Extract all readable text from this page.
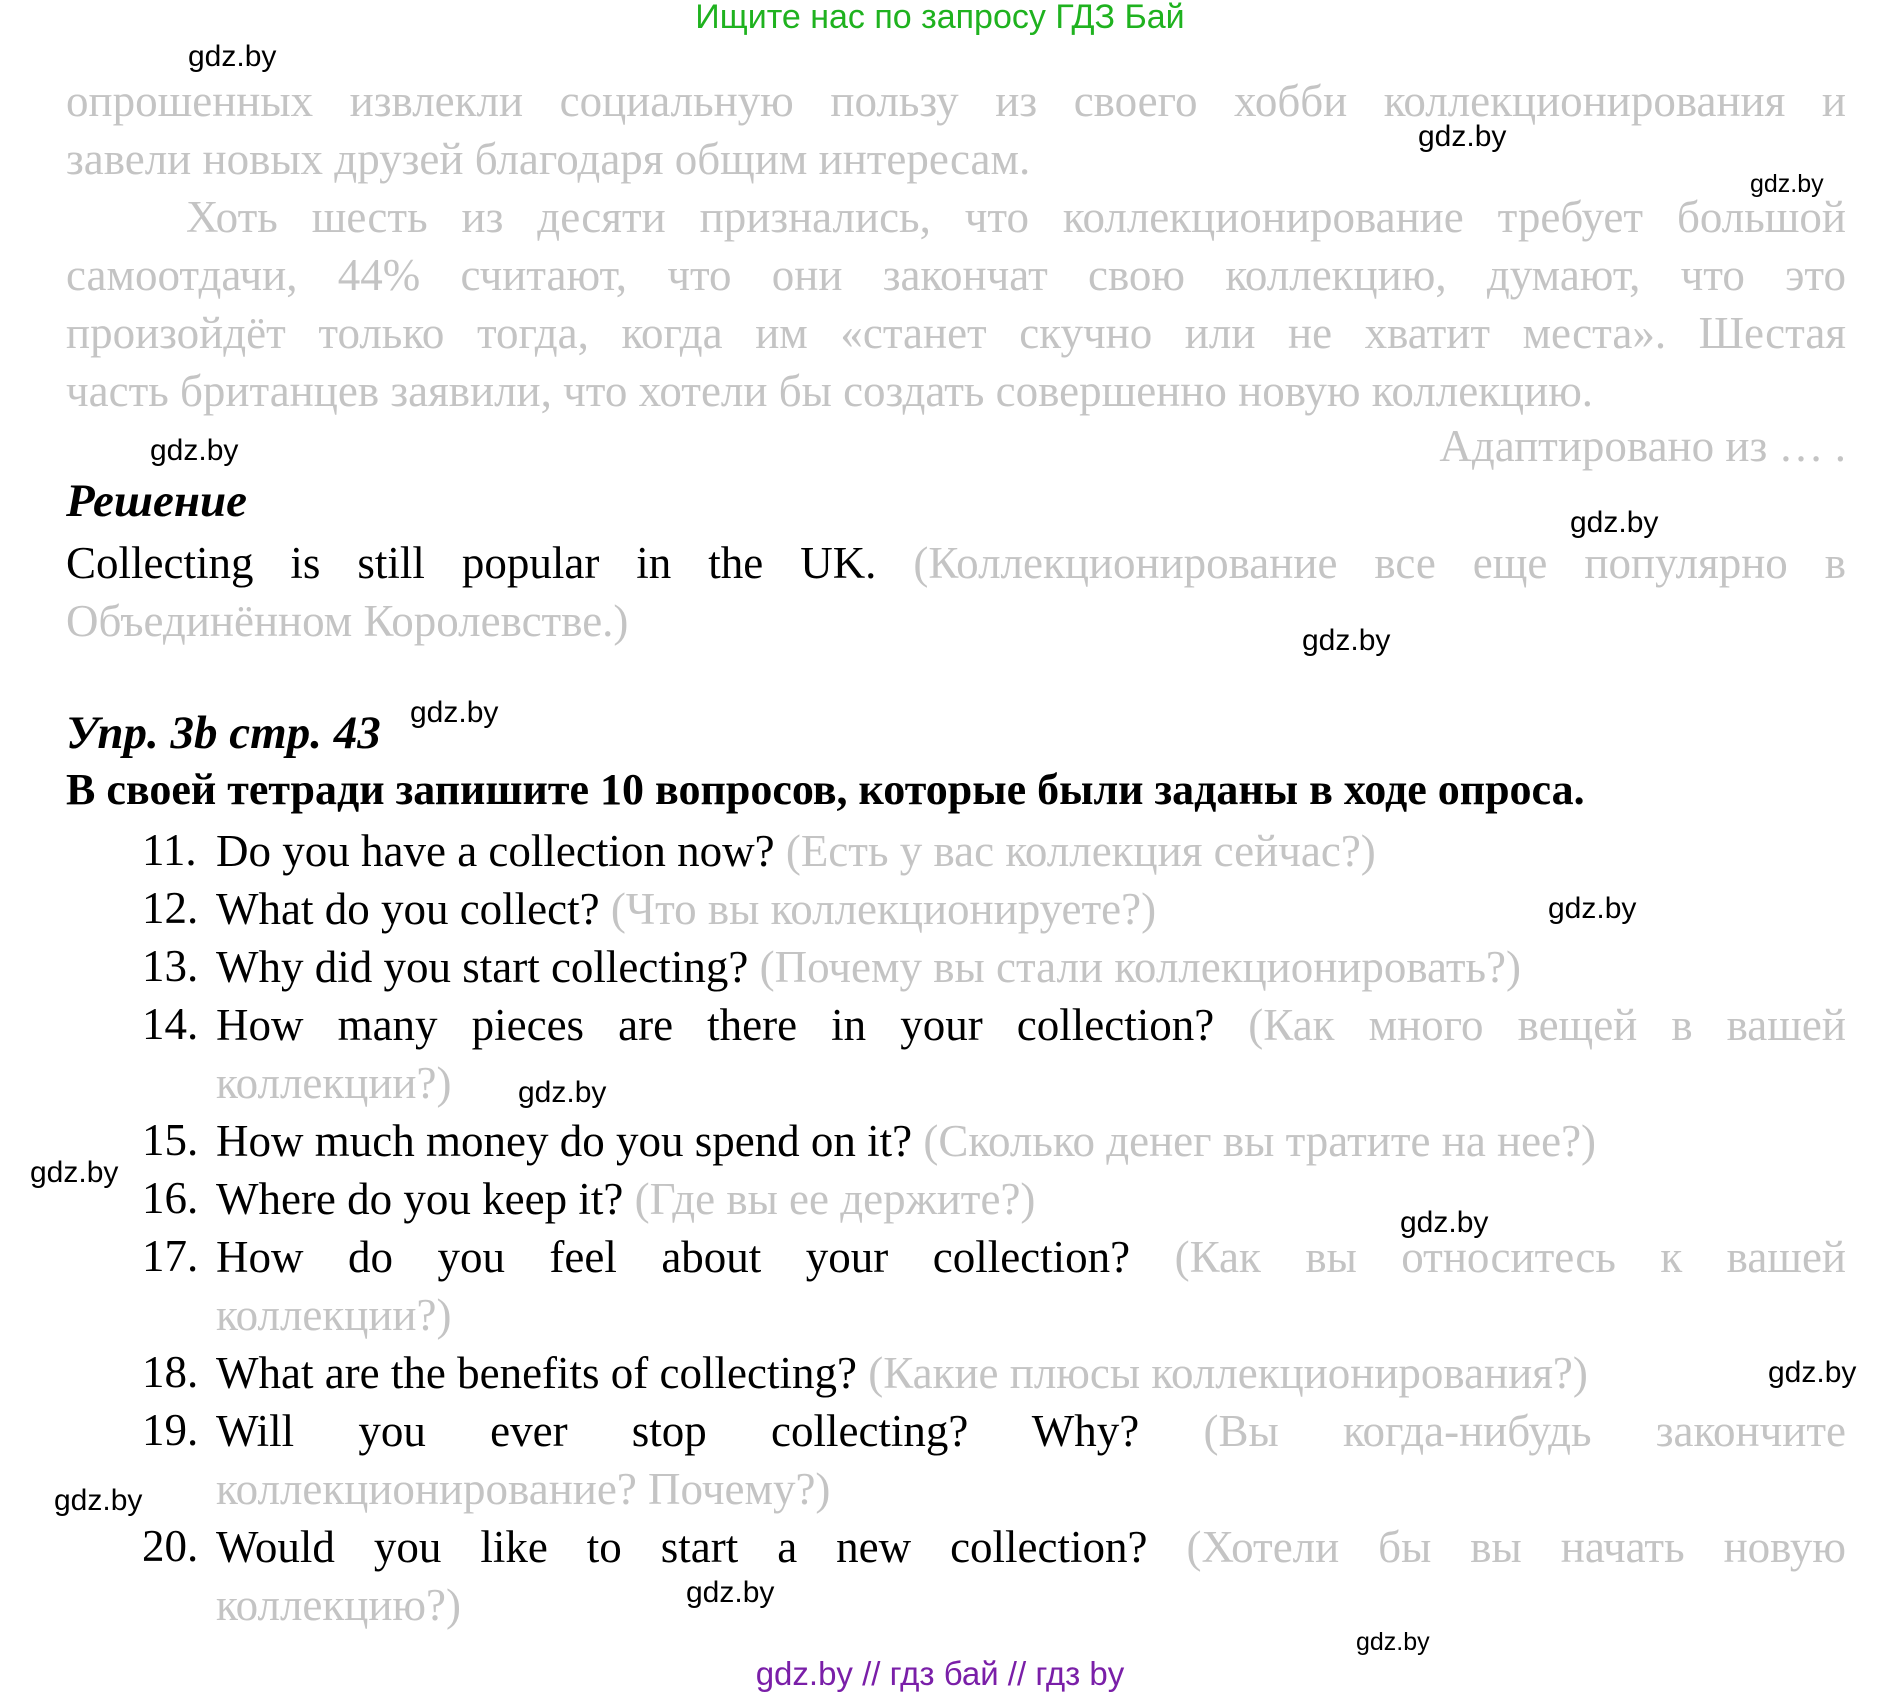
Ищите нас по запросу ГДЗ Бай
опрошенных извлекли социальную пользу из своего хобби коллекционирования и
завели новых друзей благодаря общим интересам.
Хоть шесть из десяти признались, что коллекционирование требует большой
самоотдачи, 44% считают, что они закончат свою коллекцию, думают, что это
произойдёт только тогда, когда им «станет скучно или не хватит места». Шестая
часть британцев заявили, что хотели бы создать совершенно новую коллекцию.
Адаптировано из … .
Решение
Collecting is still popular in the UK. (Коллекционирование все еще популярно в
Объединённом Королевстве.)
Упр. 3b стр. 43
В своей тетради запишите 10 вопросов, которые были заданы в ходе опроса.
11. Do you have a collection now? (Есть у вас коллекция сейчас?)
12. What do you collect? (Что вы коллекционируете?)
13. Why did you start collecting? (Почему вы стали коллекционировать?)
14. How many pieces are there in your collection? (Как много вещей в вашей
коллекции?)
15. How much money do you spend on it? (Сколько денег вы тратите на нее?)
16. Where do you keep it? (Где вы ее держите?)
17. How do you feel about your collection? (Как вы относитесь к вашей
коллекции?)
18. What are the benefits of collecting? (Какие плюсы коллекционирования?)
19. Will you ever stop collecting? Why? (Вы когда-нибудь закончите
коллекционирование? Почему?)
20. Would you like to start a new collection? (Хотели бы вы начать новую
коллекцию?)
gdz.by
gdz.by
gdz.by
gdz.by
gdz.by
gdz.by
gdz.by
gdz.by
gdz.by
gdz.by
gdz.by
gdz.by
gdz.by
gdz.by
gdz.by
gdz.by // гдз бай // гдз by
